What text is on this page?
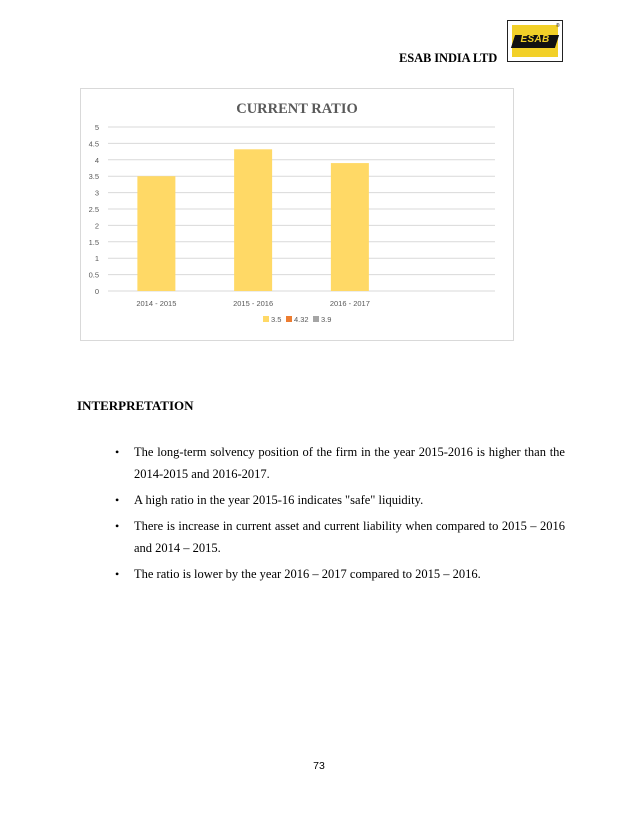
ESAB INDIA LTD
ESAB
®
CURRENT RATIO
0
0.5
1
1.5
2
2.5
3
3.5
4
4.5
5
2014 - 2015	2015 - 2016	2016 - 2017
3.5 4.32 3.9
INTERPRETATION
• The long-term solvency position of the firm in the year 2015-2016 is higher than the 2014-2015 and 2016-2017.
• A high ratio in the year 2015-16 indicates "safe" liquidity.
• There is increase in current asset and current liability when compared to 2015 – 2016 and 2014 – 2015.
• The ratio is lower by the year 2016 – 2017 compared to 2015 – 2016.
73
